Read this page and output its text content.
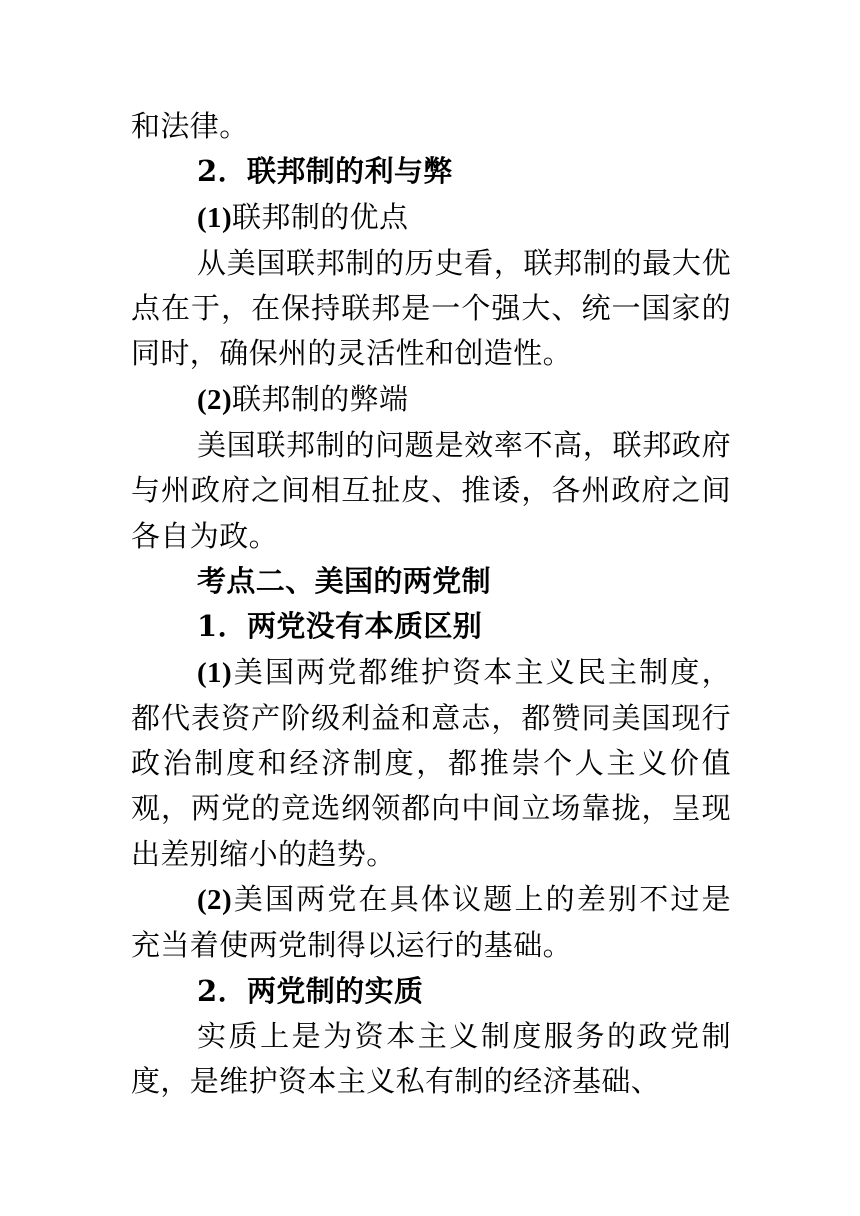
和法律。

2．联邦制的利与弊

(1)联邦制的优点

从美国联邦制的历史看，联邦制的最大优点在于，在保持联邦是一个强大、统一国家的同时，确保州的灵活性和创造性。

(2)联邦制的弊端

美国联邦制的问题是效率不高，联邦政府与州政府之间相互扯皮、推诿，各州政府之间各自为政。

考点二、美国的两党制

1．两党没有本质区别

(1)美国两党都维护资本主义民主制度，都代表资产阶级利益和意志，都赞同美国现行政治制度和经济制度，都推崇个人主义价值观，两党的竞选纲领都向中间立场靠拢，呈现出差别缩小的趋势。

(2)美国两党在具体议题上的差别不过是充当着使两党制得以运行的基础。

2．两党制的实质

实质上是为资本主义制度服务的政党制度，是维护资本主义私有制的经济基础、
